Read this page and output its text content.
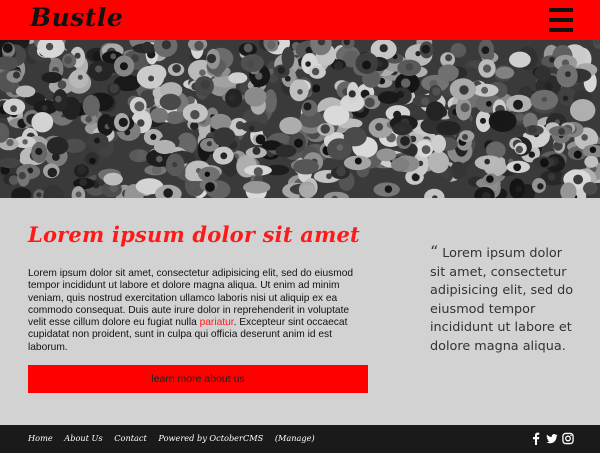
Bustle
Lorem ipsum dolor sit amet

Lorem ipsum dolor sit amet, consectetur adipisicing elit, sed do eiusmod tempor incididunt ut labore et dolore magna aliqua. Ut enim ad minim veniam, quis nostrud exercitation ullamco laboris nisi ut aliquip ex ea commodo consequat. Duis aute irure dolor in reprehenderit in voluptate velit esse cillum dolore eu fugiat nulla pariatur. Excepteur sint occaecat cupidatat non proident, sunt in culpa qui officia deserunt anim id est laborum.

learn more about us
“ Lorem ipsum dolor sit amet, consectetur adipisicing elit, sed do eiusmod tempor incididunt ut labore et dolore magna aliqua.
Home About Us Contact Powered by OctoberCMS (Manage)
